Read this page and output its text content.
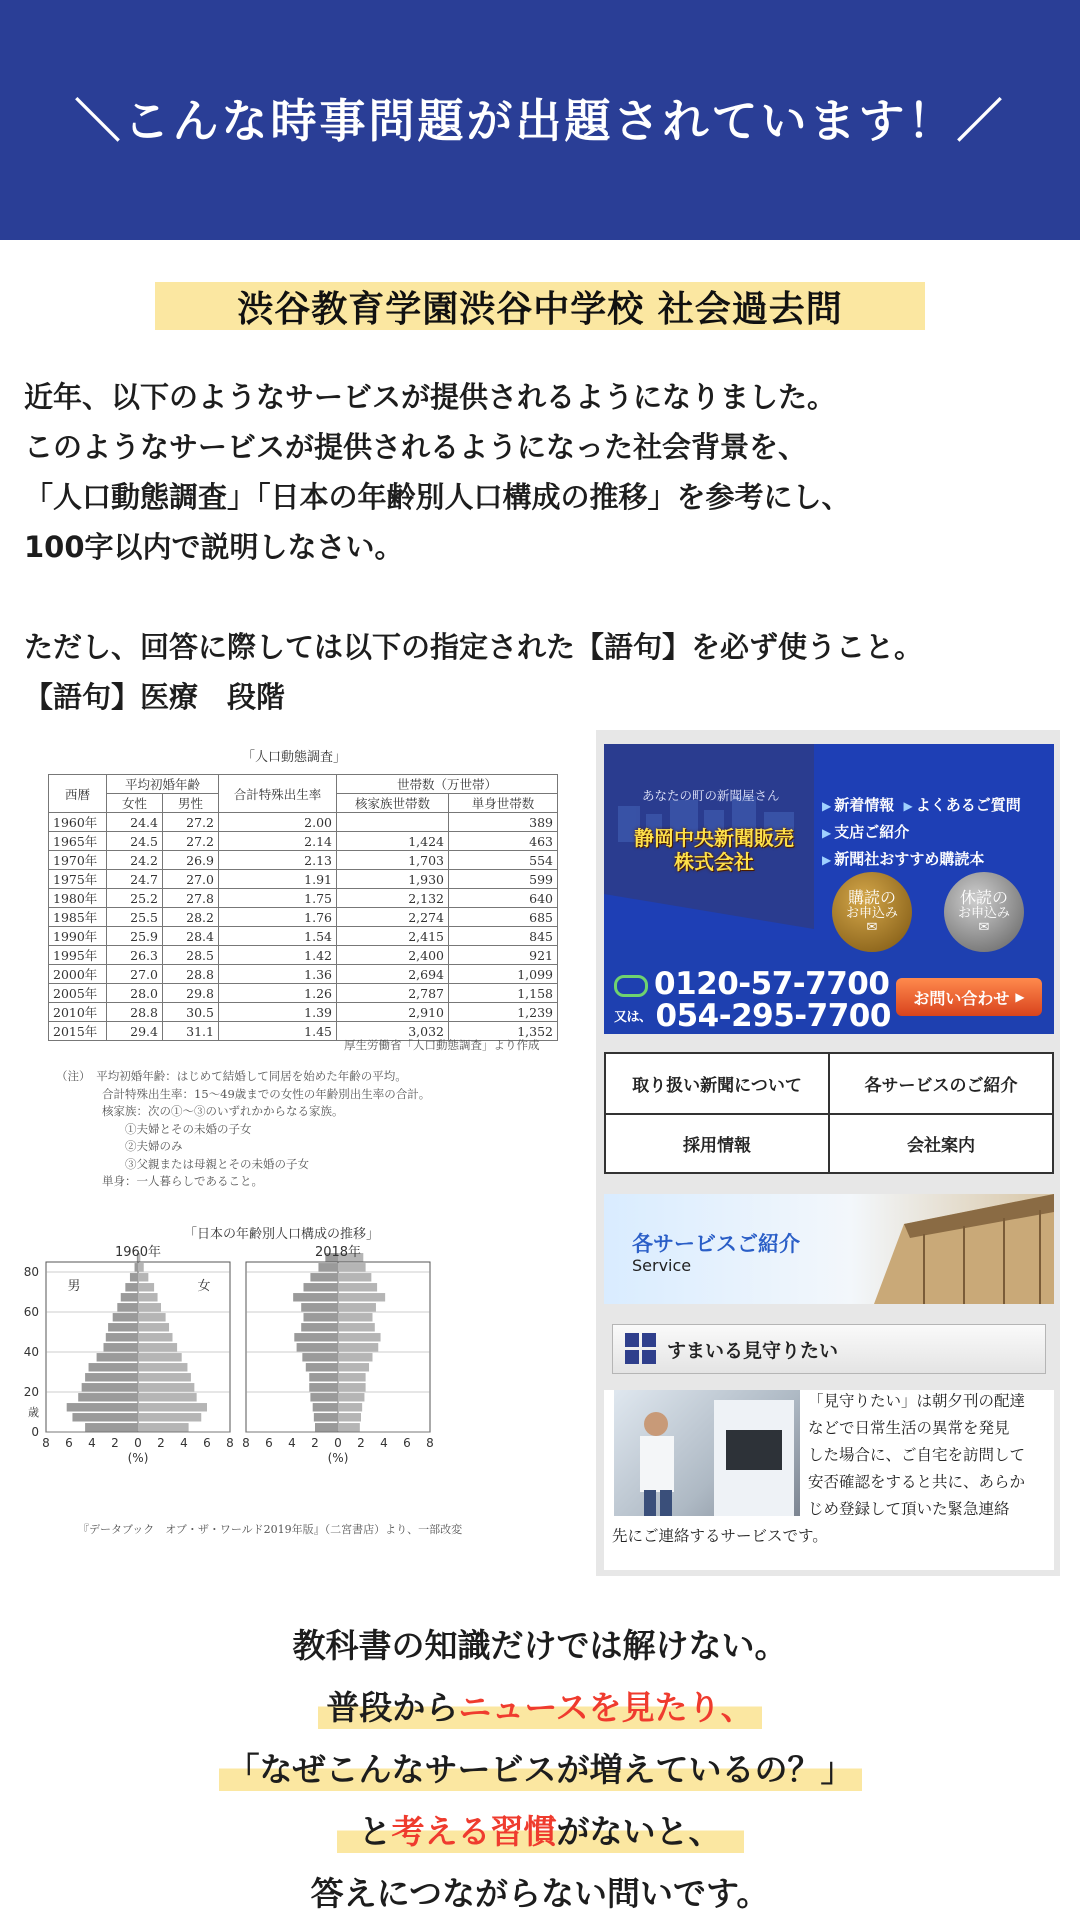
＼こんな時事問題が出題されています！／
渋谷教育学園渋谷中学校 社会過去問
近年、以下のようなサービスが提供されるようになりました。
このようなサービスが提供されるようになった社会背景を、
「人口動態調査」「日本の年齢別人口構成の推移」を参考にし、
100字以内で説明しなさい。
ただし、回答に際しては以下の指定された【語句】を必ず使うこと。
【語句】医療　段階
「人口動態調査」
西暦	平均初婚年齢		合計特殊出生率	世帯数（万世帯）	
	女性	男性		核家族世帯数	単身世帯数
1960年	24.4	27.2	2.00		389
1965年	24.5	27.2	2.14	1,424	463
1970年	24.2	26.9	2.13	1,703	554
1975年	24.7	27.0	1.91	1,930	599
1980年	25.2	27.8	1.75	2,132	640
1985年	25.5	28.2	1.76	2,274	685
1990年	25.9	28.4	1.54	2,415	845
1995年	26.3	28.5	1.42	2,400	921
2000年	27.0	28.8	1.36	2,694	1,099
2005年	28.0	29.8	1.26	2,787	1,158
2010年	28.8	30.5	1.39	2,910	1,239
2015年	29.4	31.1	1.45	3,032	1,352
厚生労働省「人口動態調査」より作成
（注）　平均初婚年齢：はじめて結婚して同居を始めた年齢の平均。
　　　　合計特殊出生率：15～49歳までの女性の年齢別出生率の合計。
　　　　核家族：次の①～③のいずれかからなる家族。
　　　　　　①夫婦とその未婚の子女
　　　　　　②夫婦のみ
　　　　　　③父親または母親とその未婚の子女
　　　　単身：一人暮らしであること。
「日本の年齢別人口構成の推移」
1960年
8 6 4 2 0 2 4 6 8
(%)
2018年
8 6 4 2 0 2 4 6 8
(%)
80
60
40
20
0
歳
男	女
『データブック　オブ・ザ・ワールド2019年版』（二宮書店）より、一部改変
あなたの町の新聞屋さん
静岡中央新聞販売
株式会社
▶ 新着情報 ▶ よくあるご質問
▶ 支店ご紹介
▶ 新聞社おすすめ購読本
購読の
お申込み
✉
休読の
お申込み
✉
0120-57-7700
又は、 054-295-7700 お問い合わせ ▶
取り扱い新聞について	各サービスのご紹介
採用情報	会社案内
各サービスご紹介
Service
すまいる見守りたい
「見守りたい」は朝夕刊の配達
などで日常生活の異常を発見
した場合に、ご自宅を訪問して
安否確認をすると共に、あらか
じめ登録して頂いた緊急連絡
先にご連絡するサービスです。
教科書の知識だけでは解けない。
普段からニュースを見たり、
「なぜこんなサービスが増えているの？」
と考える習慣がないと、
答えにつながらない問いです。
